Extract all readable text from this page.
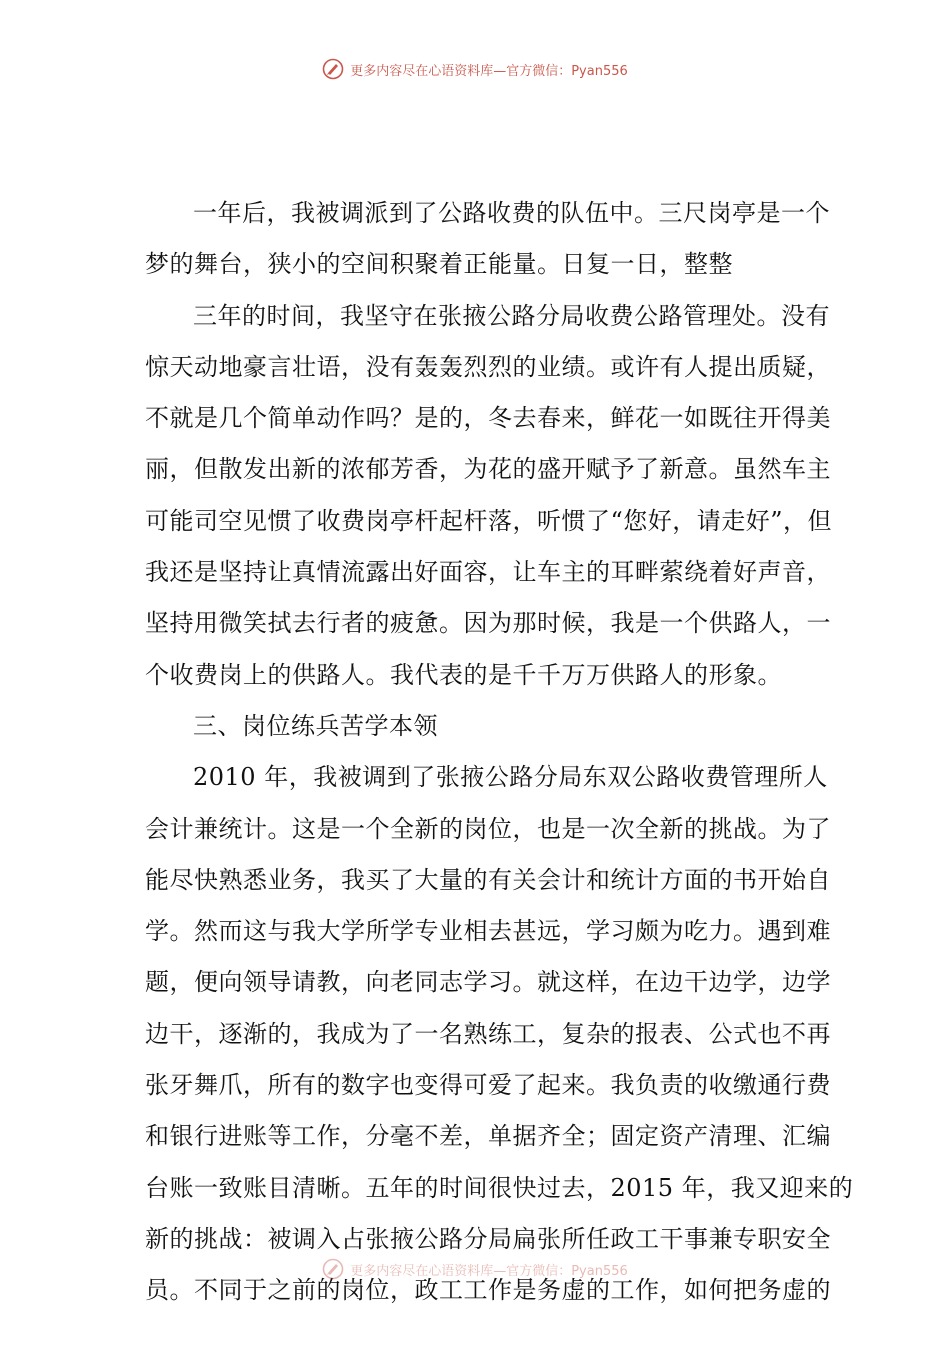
更多内容尽在心语资料库—官方微信：Pyan556
一年后，我被调派到了公路收费的队伍中。三尺岗亭是一个
梦的舞台，狭小的空间积聚着正能量。日复一日，整整
三年的时间，我坚守在张掖公路分局收费公路管理处。没有
惊天动地豪言壮语，没有轰轰烈烈的业绩。或许有人提出质疑，
不就是几个简单动作吗？是的，冬去春来，鲜花一如既往开得美
丽，但散发出新的浓郁芳香，为花的盛开赋予了新意。虽然车主
可能司空见惯了收费岗亭杆起杆落，听惯了“您好，请走好”，但
我还是坚持让真情流露出好面容，让车主的耳畔萦绕着好声音，
坚持用微笑拭去行者的疲惫。因为那时候，我是一个供路人，一
个收费岗上的供路人。我代表的是千千万万供路人的形象。
三、岗位练兵苦学本领
2010 年，我被调到了张掖公路分局东双公路收费管理所人
会计兼统计。这是一个全新的岗位，也是一次全新的挑战。为了
能尽快熟悉业务，我买了大量的有关会计和统计方面的书开始自
学。然而这与我大学所学专业相去甚远，学习颇为吃力。遇到难
题，便向领导请教，向老同志学习。就这样，在边干边学，边学
边干，逐渐的，我成为了一名熟练工，复杂的报表、公式也不再
张牙舞爪，所有的数字也变得可爱了起来。我负责的收缴通行费
和银行进账等工作，分毫不差，单据齐全；固定资产清理、汇编
台账一致账目清晰。五年的时间很快过去，2015 年，我又迎来的
新的挑战：被调入占张掖公路分局扁张所任政工干事兼专职安全
员。不同于之前的岗位，政工工作是务虚的工作，如何把务虚的
更多内容尽在心语资料库—官方微信：Pyan556
